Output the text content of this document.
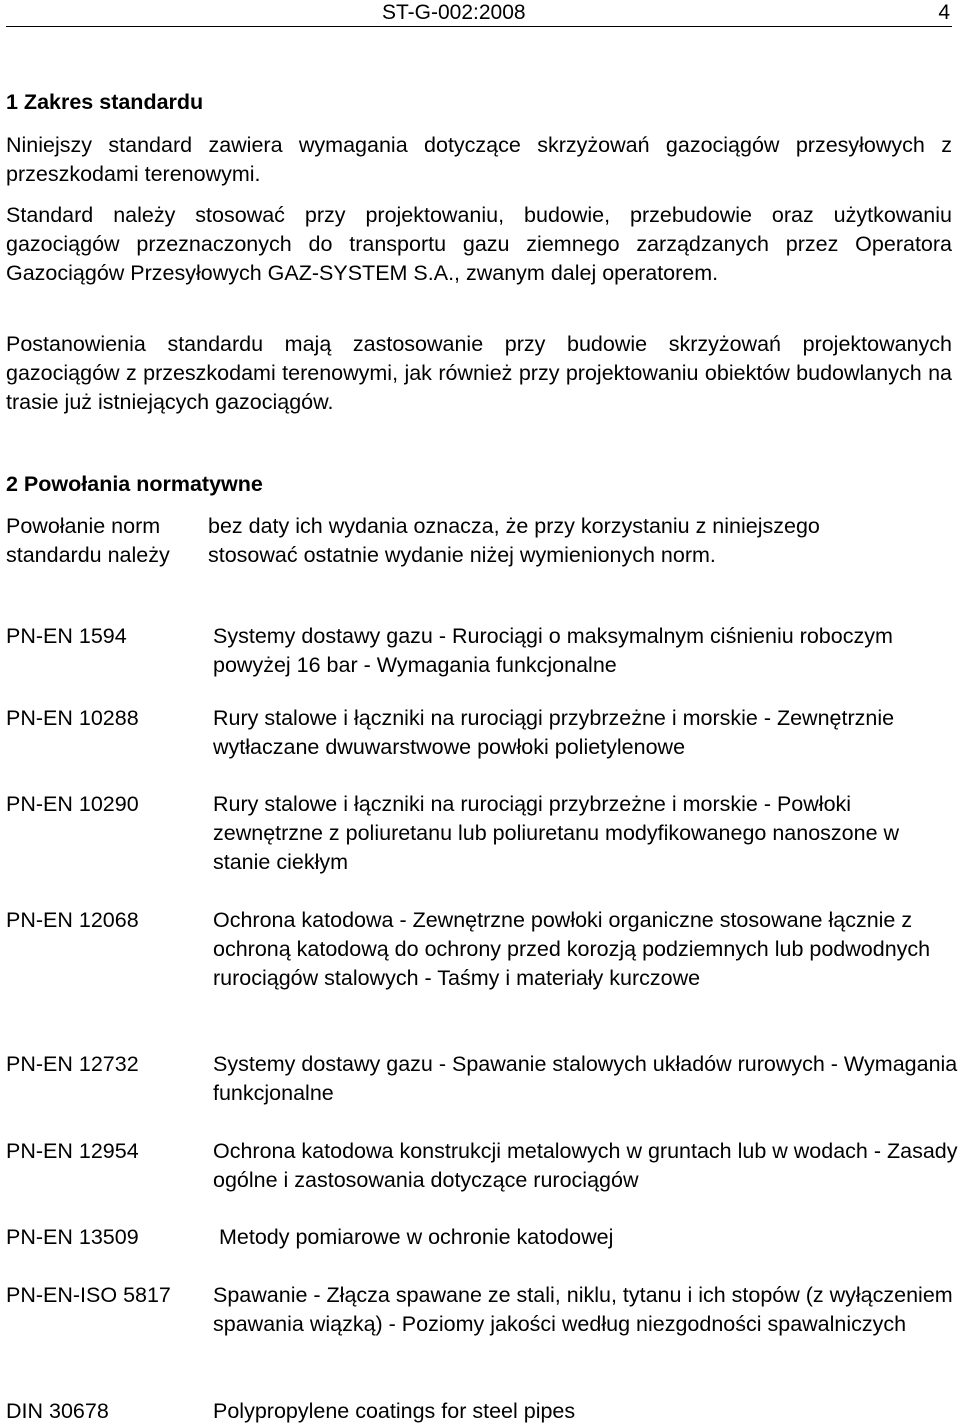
ST-G-002:2008	4
1 Zakres standardu
Niniejszy standard zawiera wymagania dotyczące skrzyżowań gazociągów przesyłowych z przeszkodami terenowymi.
Standard należy stosować przy projektowaniu, budowie, przebudowie oraz użytkowaniu gazociągów przeznaczonych do transportu gazu ziemnego zarządzanych przez Operatora Gazociągów Przesyłowych GAZ-SYSTEM S.A., zwanym dalej operatorem.
Postanowienia standardu mają zastosowanie przy budowie skrzyżowań projektowanych gazociągów z przeszkodami terenowymi, jak również przy projektowaniu obiektów budowlanych na trasie już istniejących gazociągów.
2 Powołania normatywne
Powołanie norm bez daty ich wydania oznacza, że przy korzystaniu z niniejszego
standardu należy stosować ostatnie wydanie niżej wymienionych norm.
PN-EN 1594	Systemy dostawy gazu - Rurociągi o maksymalnym ciśnieniu roboczym powyżej 16 bar - Wymagania funkcjonalne
PN-EN 10288	Rury stalowe i łączniki na rurociągi przybrzeżne i morskie - Zewnętrznie wytłaczane dwuwarstwowe powłoki polietylenowe
PN-EN 10290	Rury stalowe i łączniki na rurociągi przybrzeżne i morskie - Powłoki zewnętrzne z poliuretanu lub poliuretanu modyfikowanego nanoszone w stanie ciekłym
PN-EN 12068	Ochrona katodowa - Zewnętrzne powłoki organiczne stosowane łącznie z ochroną katodową do ochrony przed korozją podziemnych lub podwodnych rurociągów stalowych - Taśmy i materiały kurczowe
PN-EN 12732	Systemy dostawy gazu - Spawanie stalowych układów rurowych - Wymagania funkcjonalne
PN-EN 12954	Ochrona katodowa konstrukcji metalowych w gruntach lub w wodach - Zasady ogólne i zastosowania dotyczące rurociągów
PN-EN 13509	Metody pomiarowe w ochronie katodowej
PN-EN-ISO 5817 Spawanie - Złącza spawane ze stali, niklu, tytanu i ich stopów (z wyłączeniem spawania wiązką) - Poziomy jakości według niezgodności spawalniczych
DIN 30678	Polypropylene coatings for steel pipes
